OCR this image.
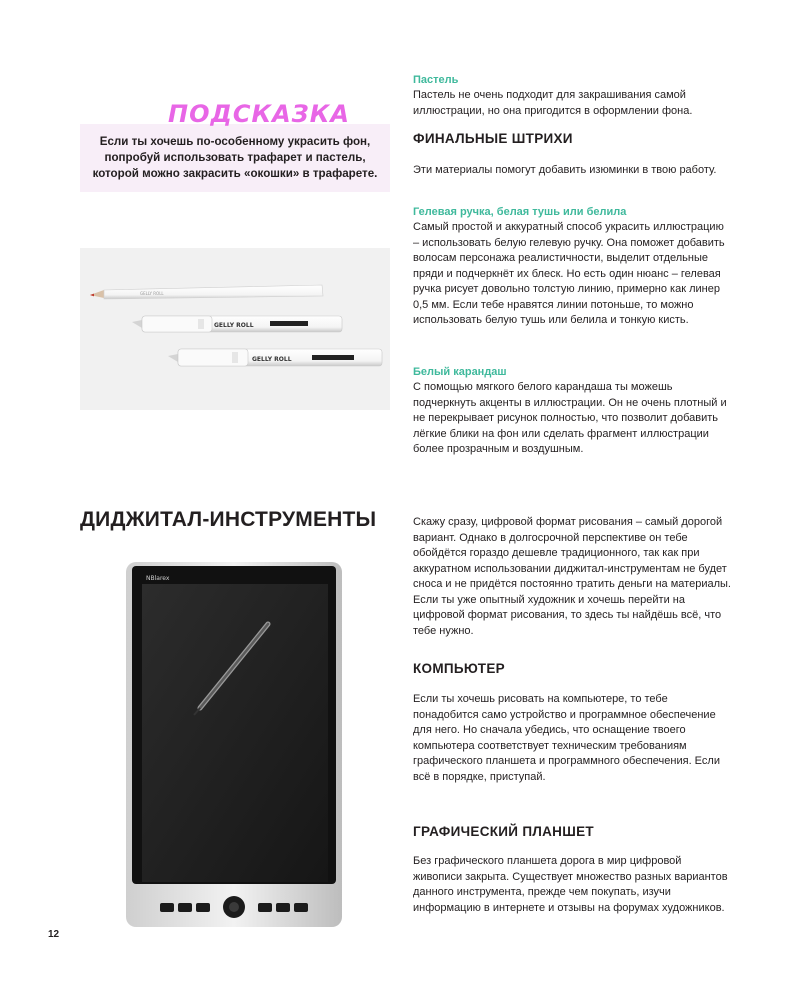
ПОДСКАЗКА

Если ты хочешь по-особенному украсить фон, попробуй использовать трафарет и пастель, которой можно закрасить «окошки» в трафарете.

GELLY ROLL
GELLY ROLL
GELLY ROLL

Пастель

Пастель не очень подходит для закрашивания самой иллюстрации, но она пригодится в оформлении фона.

ФИНАЛЬНЫЕ ШТРИХИ

Эти материалы помогут добавить изюминки в твою работу.

Гелевая ручка, белая тушь или белила

Самый простой и аккуратный способ украсить иллюстрацию – использовать белую гелевую ручку. Она поможет добавить волосам персонажа реалистичности, выделит отдельные пряди и подчеркнёт их блеск. Но есть один нюанс – гелевая ручка рисует довольно толстую линию, примерно как линер 0,5 мм. Если тебе нравятся линии потоньше, то можно использовать белую тушь или белила и тонкую кисть.

Белый карандаш

С помощью мягкого белого карандаша ты можешь подчеркнуть акценты в иллюстрации. Он не очень плотный и не перекрывает рисунок полностью, что позволит добавить лёгкие блики на фон или сделать фрагмент иллюстрации более прозрачным и воздушным.

ДИДЖИТАЛ-ИНСТРУМЕНТЫ	Скажу сразу, цифровой формат рисования – самый дорогой вариант. Однако в долгосрочной перспективе он тебе обойдётся гораздо дешевле традиционного, так как при аккуратном использовании диджитал-инструментам не будет сноса и не придётся постоянно тратить деньги на материалы. Если ты уже опытный художник и хочешь перейти на цифровой формат рисования, то здесь ты найдёшь всё, что тебе нужно.

КОМПЬЮТЕР

Если ты хочешь рисовать на компьютере, то тебе понадобится само устройство и программное обеспечение для него. Но сначала убедись, что оснащение твоего компьютера соответствует техническим требованиям графического планшета и программного обеспечения. Если всё в порядке, приступай.

ГРАФИЧЕСКИЙ ПЛАНШЕТ

Без графического планшета дорога в мир цифровой живописи закрыта. Существует множество разных вариантов данного инструмента, прежде чем покупать, изучи информацию в интернете и отзывы на форумах художников.

NBlarex

12
